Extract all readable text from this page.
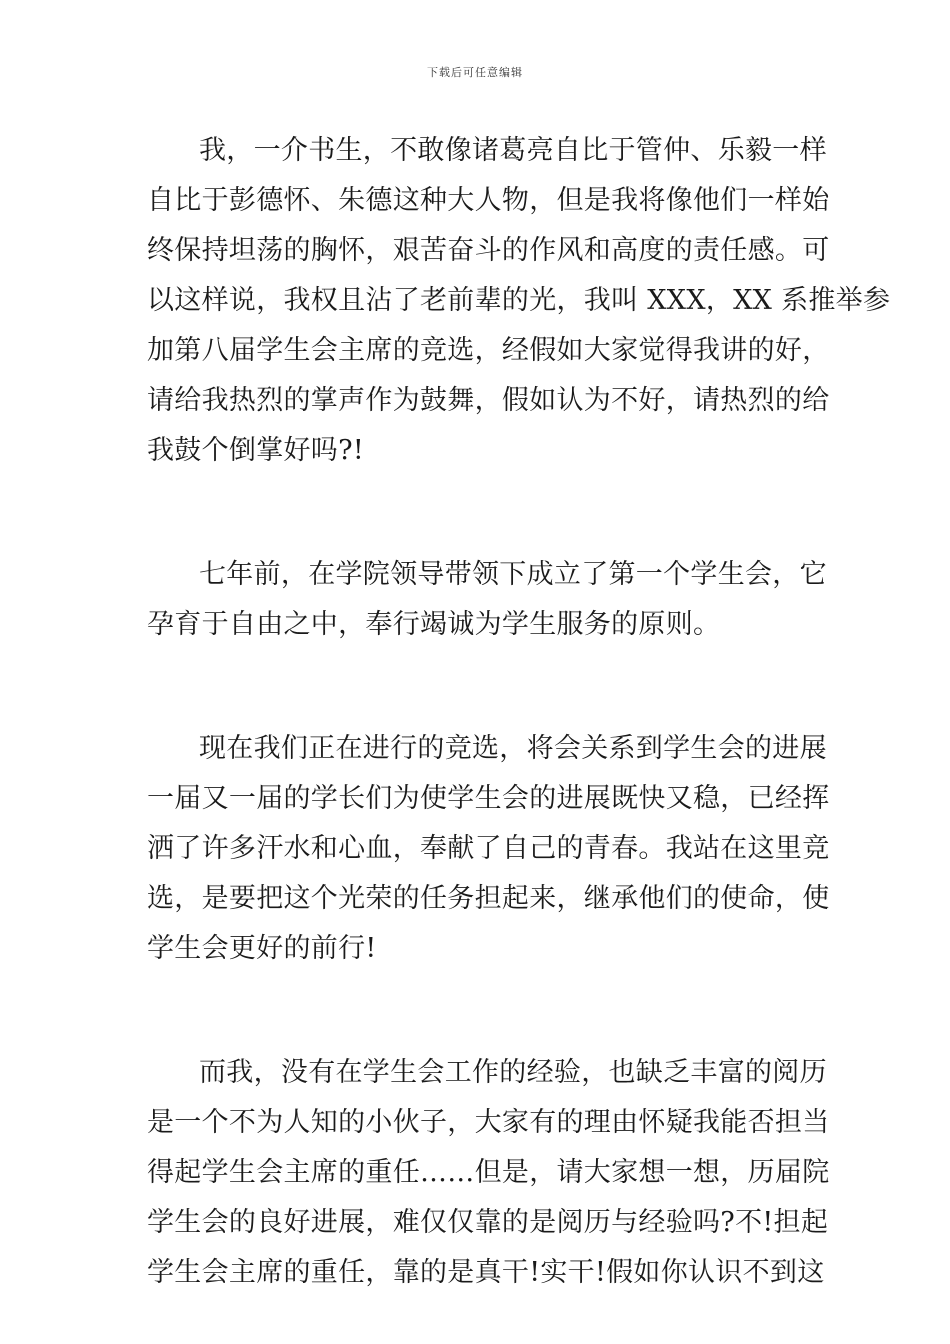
下载后可任意编辑
我，一介书生，不敢像诸葛亮自比于管仲、乐毅一样
自比于彭德怀、朱德这种大人物，但是我将像他们一样始
终保持坦荡的胸怀，艰苦奋斗的作风和高度的责任感。可
以这样说，我权且沾了老前辈的光，我叫 XXX，XX 系推举参
加第八届学生会主席的竞选，经假如大家觉得我讲的好，
请给我热烈的掌声作为鼓舞，假如认为不好，请热烈的给
我鼓个倒掌好吗?!
七年前，在学院领导带领下成立了第一个学生会，它
孕育于自由之中，奉行竭诚为学生服务的原则。
现在我们正在进行的竞选，将会关系到学生会的进展
一届又一届的学长们为使学生会的进展既快又稳，已经挥
洒了许多汗水和心血，奉献了自己的青春。我站在这里竞
选，是要把这个光荣的任务担起来，继承他们的使命，使
学生会更好的前行!
而我，没有在学生会工作的经验，也缺乏丰富的阅历
是一个不为人知的小伙子，大家有的理由怀疑我能否担当
得起学生会主席的重任……但是，请大家想一想，历届院
学生会的良好进展，难仅仅靠的是阅历与经验吗?不!担起
学生会主席的重任，靠的是真干!实干!假如你认识不到这
